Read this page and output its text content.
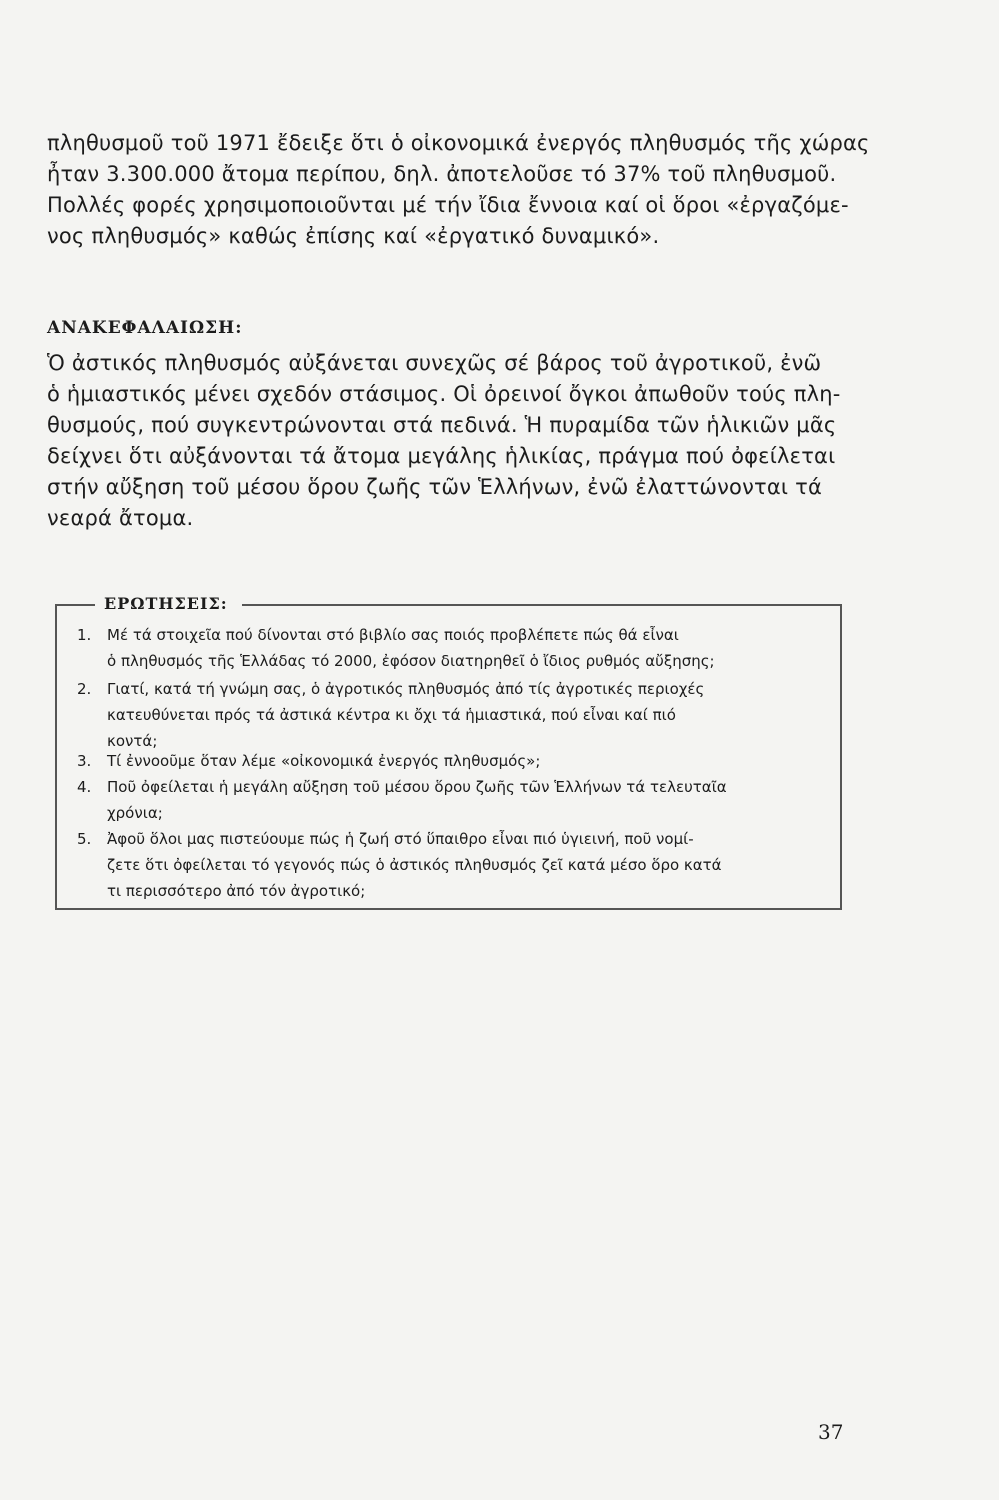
πληθυσμοῦ τοῦ 1971 ἔδειξε ὅτι ὁ οἰκονομικά ἐνεργός πληθυσμός τῆς χώρας
ἦταν 3.300.000 ἄτομα περίπου, δηλ. ἀποτελοῦσε τό 37% τοῦ πληθυσμοῦ.
Πολλές φορές χρησιμοποιοῦνται μέ τήν ἴδια ἔννοια καί οἱ ὅροι «ἐργαζόμε-
νος πληθυσμός» καθώς ἐπίσης καί «ἐργατικό δυναμικό».
ΑΝΑΚΕΦΑΛΑΙΩΣΗ:
Ὁ ἀστικός πληθυσμός αὐξάνεται συνεχῶς σέ βάρος τοῦ ἀγροτικοῦ, ἐνῶ
ὁ ἡμιαστικός μένει σχεδόν στάσιμος. Οἱ ὀρεινοί ὄγκοι ἀπωθοῦν τούς πλη-
θυσμούς, πού συγκεντρώνονται στά πεδινά. Ἡ πυραμίδα τῶν ἡλικιῶν μᾶς
δείχνει ὅτι αὐξάνονται τά ἄτομα μεγάλης ἡλικίας, πράγμα πού ὀφείλεται
στήν αὔξηση τοῦ μέσου ὅρου ζωῆς τῶν Ἑλλήνων, ἐνῶ ἐλαττώνονται τά
νεαρά ἄτομα.
ΕΡΩΤΗΣΕΙΣ:
1. Μέ τά στοιχεῖα πού δίνονται στό βιβλίο σας ποιός προβλέπετε πώς θά εἶναι
ὁ πληθυσμός τῆς Ἑλλάδας τό 2000, ἐφόσον διατηρηθεῖ ὁ ἴδιος ρυθμός αὔξησης;
2. Γιατί, κατά τή γνώμη σας, ὁ ἀγροτικός πληθυσμός ἀπό τίς ἀγροτικές περιοχές
κατευθύνεται πρός τά ἀστικά κέντρα κι ὄχι τά ἡμιαστικά, πού εἶναι καί πιό
κοντά;
3. Τί ἐννοοῦμε ὅταν λέμε «οἰκονομικά ἐνεργός πληθυσμός»;
4. Ποῦ ὀφείλεται ἡ μεγάλη αὔξηση τοῦ μέσου ὅρου ζωῆς τῶν Ἑλλήνων τά τελευταῖα
χρόνια;
5. Ἀφοῦ ὅλοι μας πιστεύουμε πώς ἡ ζωή στό ὕπαιθρο εἶναι πιό ὑγιεινή, ποῦ νομί-
ζετε ὅτι ὀφείλεται τό γεγονός πώς ὁ ἀστικός πληθυσμός ζεῖ κατά μέσο ὅρο κατά
τι περισσότερο ἀπό τόν ἀγροτικό;
37
